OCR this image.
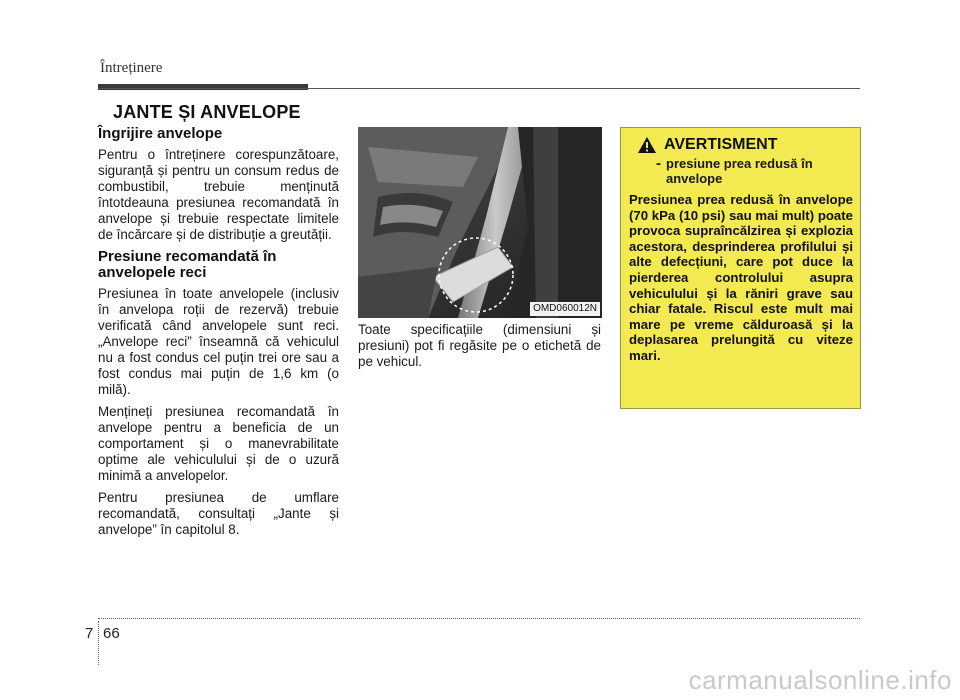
Întreținere
JANTE ȘI ANVELOPE
Îngrijire anvelope

Pentru o întreținere corespunzătoare, siguranță și pentru un consum redus de combustibil, trebuie menținută întotdeauna presiunea recomandată în anvelope și trebuie respectate limitele de încărcare și de distribuție a greutății.

Presiune recomandată în anvelopele reci

Presiunea în toate anvelopele (inclusiv în anvelopa roții de rezervă) trebuie verificată când anvelopele sunt reci. „Anvelope reci” înseamnă că vehiculul nu a fost condus cel puțin trei ore sau a fost condus mai puțin de 1,6 km (o milă).

Mențineți presiunea recomandată în anvelope pentru a beneficia de un comportament și o manevrabilitate optime ale vehiculului și de o uzură minimă a anvelopelor.

Pentru presiunea de umflare recomandată, consultați „Jante și anvelope” în capitolul 8.

OMD060012N

Toate specificațiile (dimensiuni și presiuni) pot fi regăsite pe o etichetă de pe vehicul.

AVERTISMENT
- presiune prea redusă în anvelope
Presiunea prea redusă în anvelope (70 kPa (10 psi) sau mai mult) poate provoca supraîncălzirea și explozia acestora, desprinderea profilului și alte defecțiuni, care pot duce la pierderea controlului asupra vehiculului și la răniri grave sau chiar fatale. Riscul este mult mai mare pe vreme călduroasă și la deplasarea prelungită cu viteze mari.
7 66
carmanualsonline.info
